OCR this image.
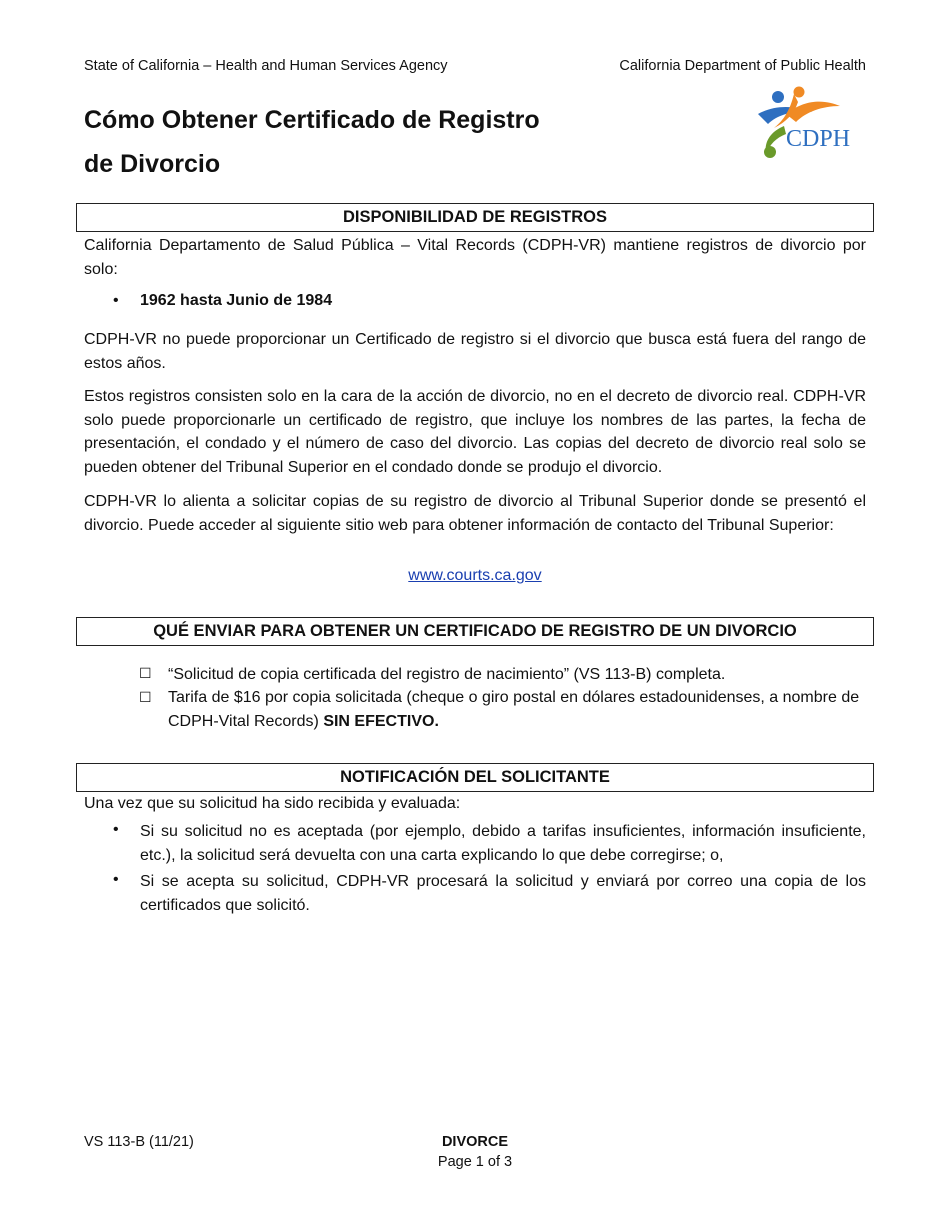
State of California – Health and Human Services Agency	California Department of Public Health
Cómo Obtener Certificado de Registro
de Divorcio
CDPH
DISPONIBILIDAD DE REGISTROS
California Departamento de Salud Pública – Vital Records (CDPH-VR) mantiene registros de divorcio por solo:
• 1962 hasta Junio de 1984
CDPH-VR no puede proporcionar un Certificado de registro si el divorcio que busca está fuera del rango de estos años.
Estos registros consisten solo en la cara de la acción de divorcio, no en el decreto de divorcio real. CDPH-VR solo puede proporcionarle un certificado de registro, que incluye los nombres de las partes, la fecha de presentación, el condado y el número de caso del divorcio. Las copias del decreto de divorcio real solo se pueden obtener del Tribunal Superior en el condado donde se produjo el divorcio.
CDPH-VR lo alienta a solicitar copias de su registro de divorcio al Tribunal Superior donde se presentó el divorcio. Puede acceder al siguiente sitio web para obtener información de contacto del Tribunal Superior:
www.courts.ca.gov
QUÉ ENVIAR PARA OBTENER UN CERTIFICADO DE REGISTRO DE UN DIVORCIO
☐ “Solicitud de copia certificada del registro de nacimiento” (VS 113-B) completa.
☐ Tarifa de $16 por copia solicitada (cheque o giro postal en dólares estadounidenses, a nombre de CDPH-Vital Records) SIN EFECTIVO.
NOTIFICACIÓN DEL SOLICITANTE
Una vez que su solicitud ha sido recibida y evaluada:
• Si su solicitud no es aceptada (por ejemplo, debido a tarifas insuficientes, información insuficiente, etc.), la solicitud será devuelta con una carta explicando lo que debe corregirse; o,
• Si se acepta su solicitud, CDPH-VR procesará la solicitud y enviará por correo una copia de los certificados que solicitó.
VS 113-B (11/21)	DIVORCE
Page 1 of 3
